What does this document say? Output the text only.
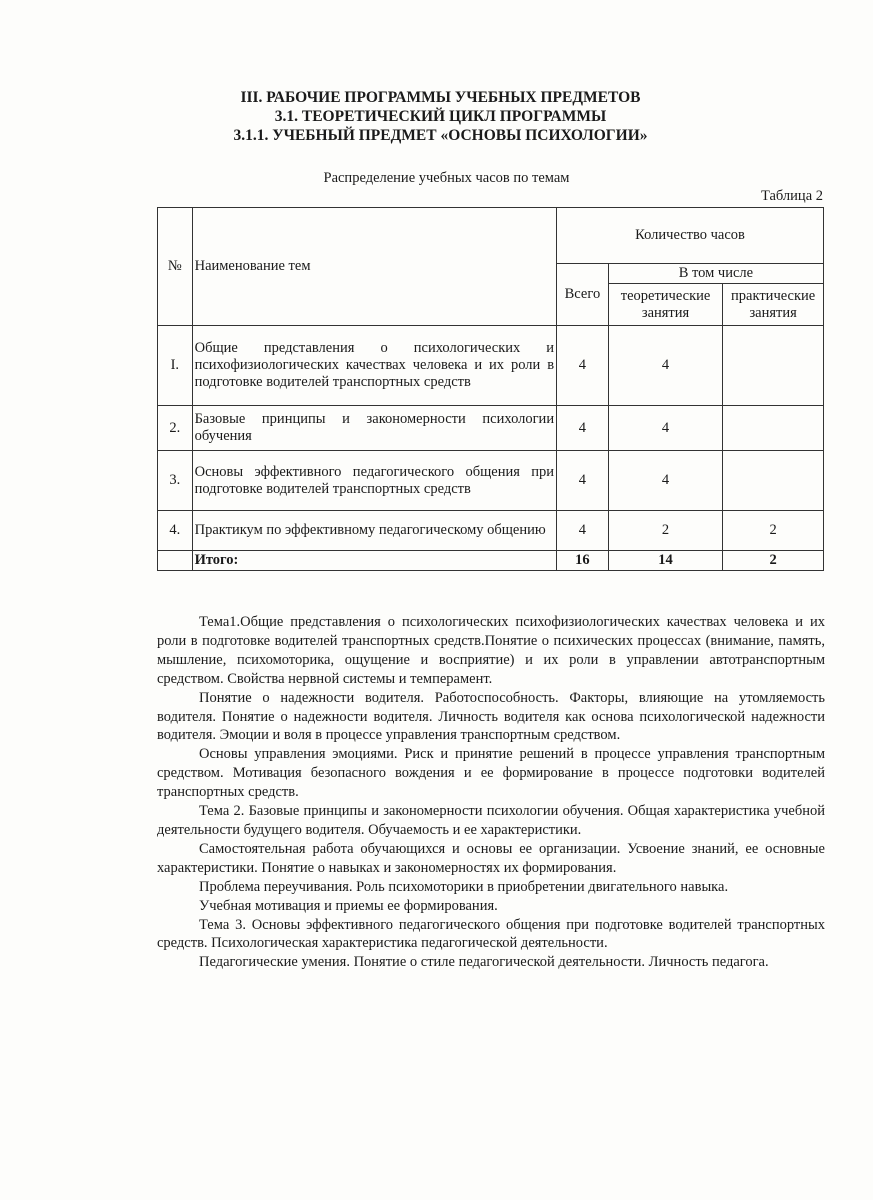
III. РАБОЧИЕ ПРОГРАММЫ УЧЕБНЫХ ПРЕДМЕТОВ
3.1. ТЕОРЕТИЧЕСКИЙ ЦИКЛ ПРОГРАММЫ
3.1.1. УЧЕБНЫЙ ПРЕДМЕТ «ОСНОВЫ ПСИХОЛОГИИ»
Распределение учебных часов по темам
Таблица 2
№	Наименование тем	Количество часов		
		Всего	В том числе	
			теоретические занятия	практические занятия
I.	Общие представления о психологических и психофизиологических качествах человека и их роли в подготовке водителей транспортных средств	4	4	
2.	Базовые принципы и закономерности психологии обучения	4	4	
3.	Основы эффективного педагогического общения при подготовке водителей транспортных средств	4	4	
4.	Практикум по эффективному педагогическому общению	4	2	2
	Итого:	16	14	2

Тема1.Общие представления о психологических психофизиологических качествах человека и их роли в подготовке водителей транспортных средств.Понятие о психических процессах (внимание, память, мышление, психомоторика, ощущение и восприятие) и их роли в управлении автотранспортным средством. Свойства нервной системы и темперамент.

Понятие о надежности водителя. Работоспособность. Факторы, влияющие на утомляемость водителя. Понятие о надежности водителя. Личность водителя как основа психологической надежности водителя. Эмоции и воля в процессе управления транспортным средством.

Основы управления эмоциями. Риск и принятие решений в процессе управления транспортным средством. Мотивация безопасного вождения и ее формирование в процессе подготовки водителей транспортных средств.

Тема 2. Базовые принципы и закономерности психологии обучения. Общая характеристика учебной деятельности будущего водителя. Обучаемость и ее характеристики.

Самостоятельная работа обучающихся и основы ее организации. Усвоение знаний, ее основные характеристики. Понятие о навыках и закономерностях их формирования.

Проблема переучивания. Роль психомоторики в приобретении двигательного навыка.

Учебная мотивация и приемы ее формирования.

Тема 3. Основы эффективного педагогического общения при подготовке водителей транспортных средств. Психологическая характеристика педагогической деятельности.

Педагогические умения. Понятие о стиле педагогической деятельности. Личность педагога.
